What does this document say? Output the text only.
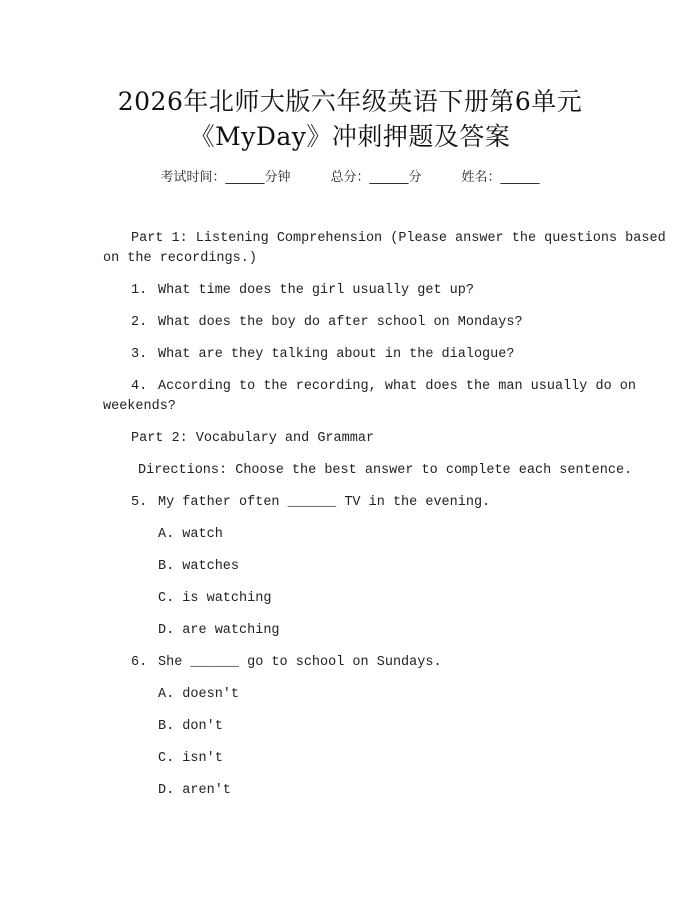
2026年北师大版六年级英语下册第6单元
《MyDay》冲刺押题及答案
考试时间：______分钟	总分：______分	姓名：______
Part 1: Listening Comprehension (Please answer the questions based
on the recordings.)
1. What time does the girl usually get up?
2. What does the boy do after school on Mondays?
3. What are they talking about in the dialogue?
4. According to the recording, what does the man usually do on
weekends?
Part 2: Vocabulary and Grammar
Directions: Choose the best answer to complete each sentence.
5. My father often ______ TV in the evening.
A. watch
B. watches
C. is watching
D. are watching
6. She ______ go to school on Sundays.
A. doesn't
B. don't
C. isn't
D. aren't
